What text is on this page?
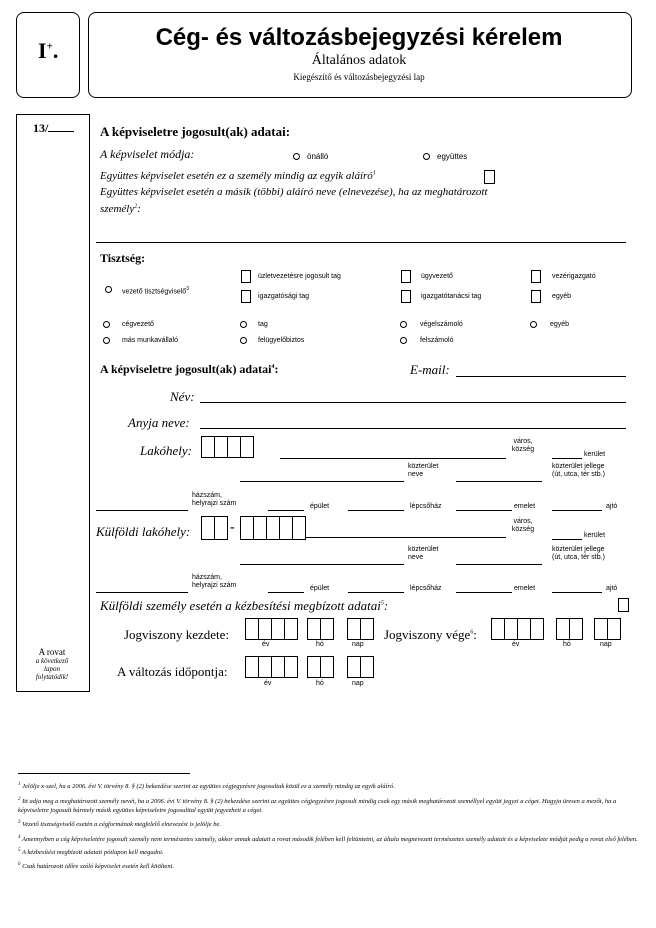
I+.	Cég- és változásbejegyzési kérelem
Általános adatok
Kiegészítő és változásbejegyzési lap
13/
A rovat
a következő
lapon
folytatódik!
A képviseletre jogosult(ak) adatai:
A képviselet módja:	önálló	együttes
Együttes képviselet esetén ez a személy mindig az egyik aláíró$^1$
Együttes képviselet esetén a másik (többi) aláíró neve (elnevezése), ha az meghatározott
személy$^2$:
Tisztség:
vezető tisztségviselő$^3$
üzletvezetésre jogosult tag
igazgatósági tag
ügyvezető
igazgatótanácsi tag
vezérigazgató
egyéb
cégvezető	tag	végelszámoló	egyéb
más munkavállaló	felügyelőbiztos	felszámoló
A képviseletre jogosult(ak) adatai$^4$:	E-mail:
Név:
Anyja neve:
Lakóhely:
város,
község
kerület
közterület
neve
közterület jellege
(út, utca, tér stb.)
házszám,
helyrajzi szám	épület	lépcsőház	emelet	ajtó
Külföldi lakóhely:	-	város,
község
kerület
közterület
neve
közterület jellege
(út, utca, tér stb.)
házszám,
helyrajzi szám	épület	lépcsőház	emelet	ajtó
Külföldi személy esetén a kézbesítési megbízott adatai$^5$:
Jogviszony kezdete:
év	hó	nap
Jogviszony vége$^6$:
év	hó	nap
A változás időpontja:
év	hó	nap
$^1$ Jelölje x-szel, ha a 2006. évi V. törvény 8. § (2) bekezdése szerint az együttes cégjegyzésre jogosultak közül ez a személy mindig az egyik aláíró.
$^2$ Itt adja meg a meghatározott személy nevét, ha a 2006. évi V. törvény 8. § (2) bekezdése szerint az együttes cégjegyzésre jogosult mindig csak egy másik meghatározott személlyel együtt jegyzi a céget. Hagyja üresen a mezőt, ha a képviseletre jogosult bármely másik együttes képviseletre jogosulttal együtt jegyezheti a céget.
$^3$ Vezető tisztségviselő esetén a cégformának megfelelő elnevezést is jelölje be.
$^4$ Amennyiben a cég képviseletére jogosult személy nem természetes személy, akkor annak adatait a rovat második felében kell feltüntetni, az általa megnevezett természetes személy adatait és a képviselete módját pedig a rovat első felében.
$^5$ A kézbesítési megbízott adatait pótlapon kell megadni.
$^6$ Csak határozott időre szóló képviselet esetén kell kitölteni.
